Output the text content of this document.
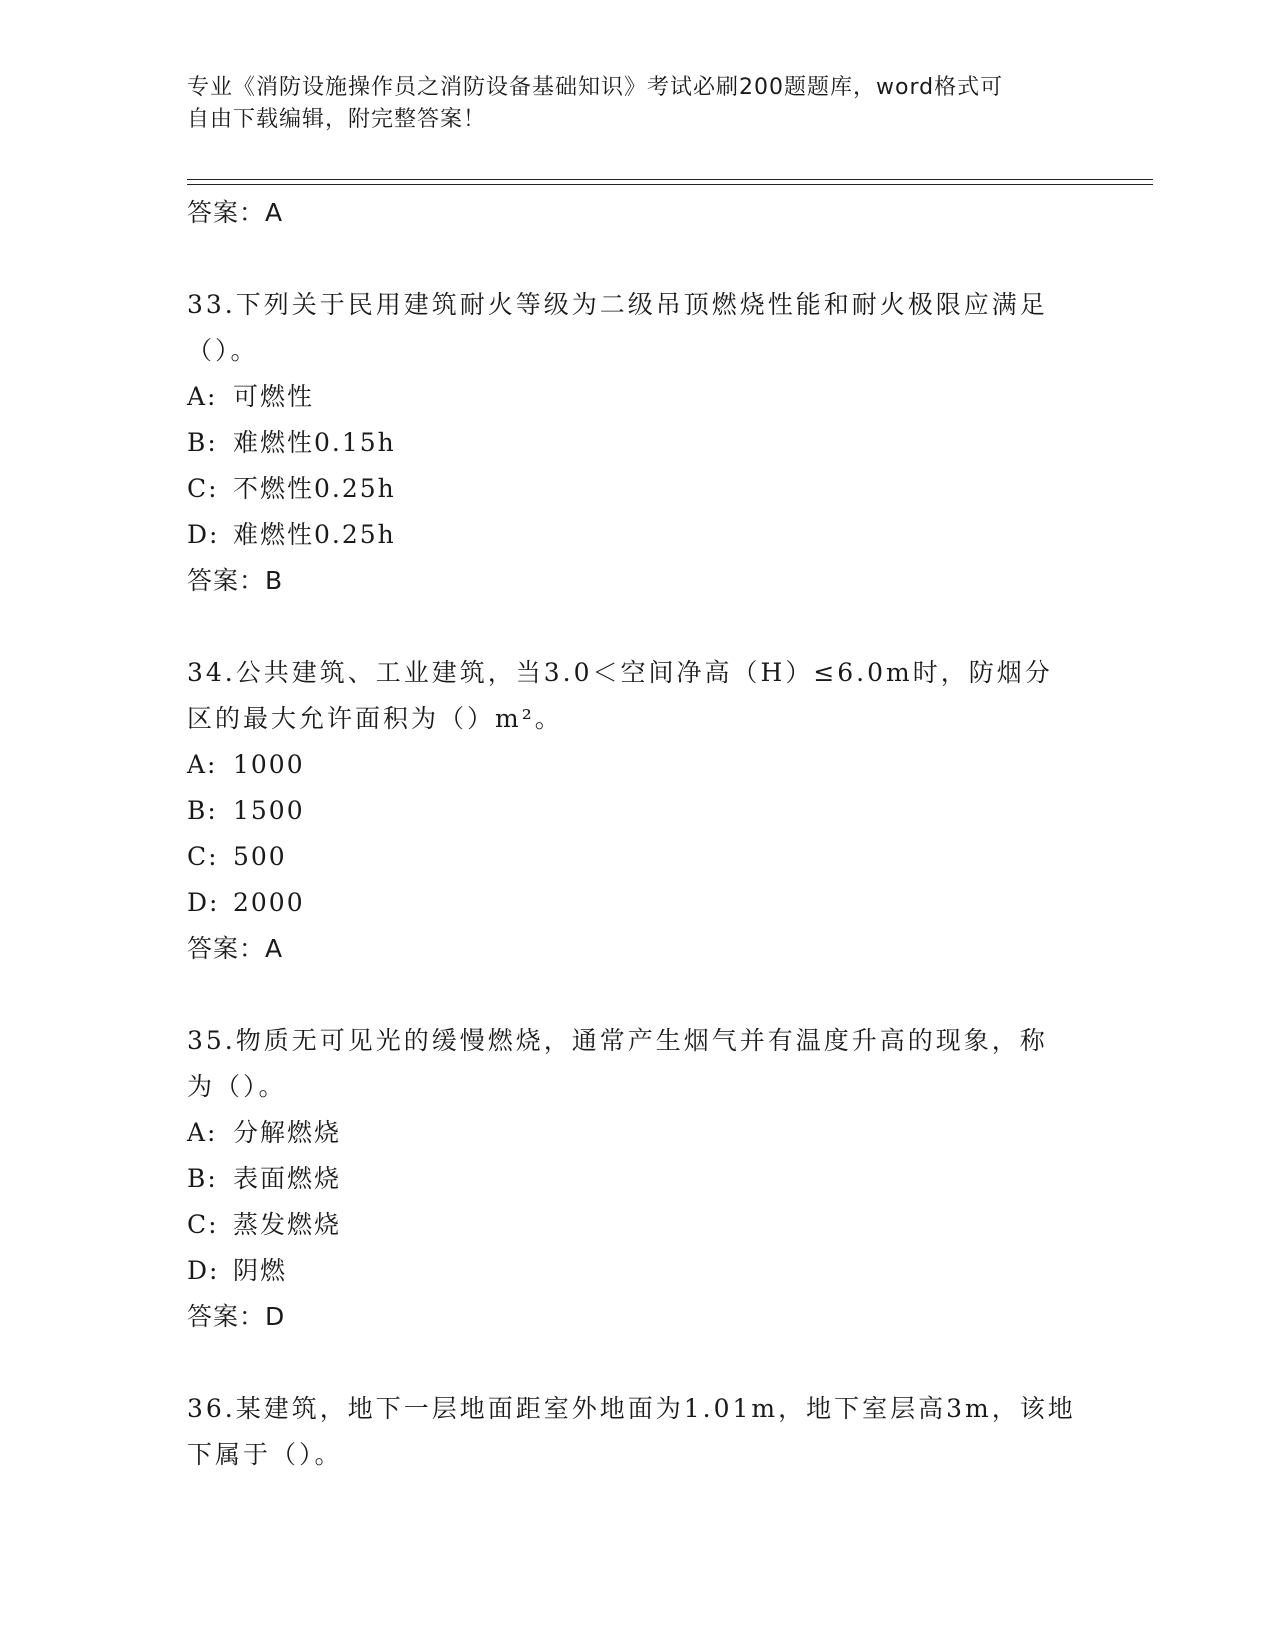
专业《消防设施操作员之消防设备基础知识》考试必刷200题题库，word格式可
自由下载编辑，附完整答案！
答案：A
33.下列关于民用建筑耐火等级为二级吊顶燃烧性能和耐火极限应满足
（）。
A: 可燃性
B: 难燃性0.15h
C: 不燃性0.25h
D: 难燃性0.25h
答案：B
34.公共建筑、工业建筑，当3.0＜空间净高（H）≤6.0m时，防烟分
区的最大允许面积为（）m²。
A: 1000
B: 1500
C: 500
D: 2000
答案：A
35.物质无可见光的缓慢燃烧，通常产生烟气并有温度升高的现象，称
为（）。
A: 分解燃烧
B: 表面燃烧
C: 蒸发燃烧
D: 阴燃
答案：D
36.某建筑，地下一层地面距室外地面为1.01m，地下室层高3m，该地
下属于（）。
